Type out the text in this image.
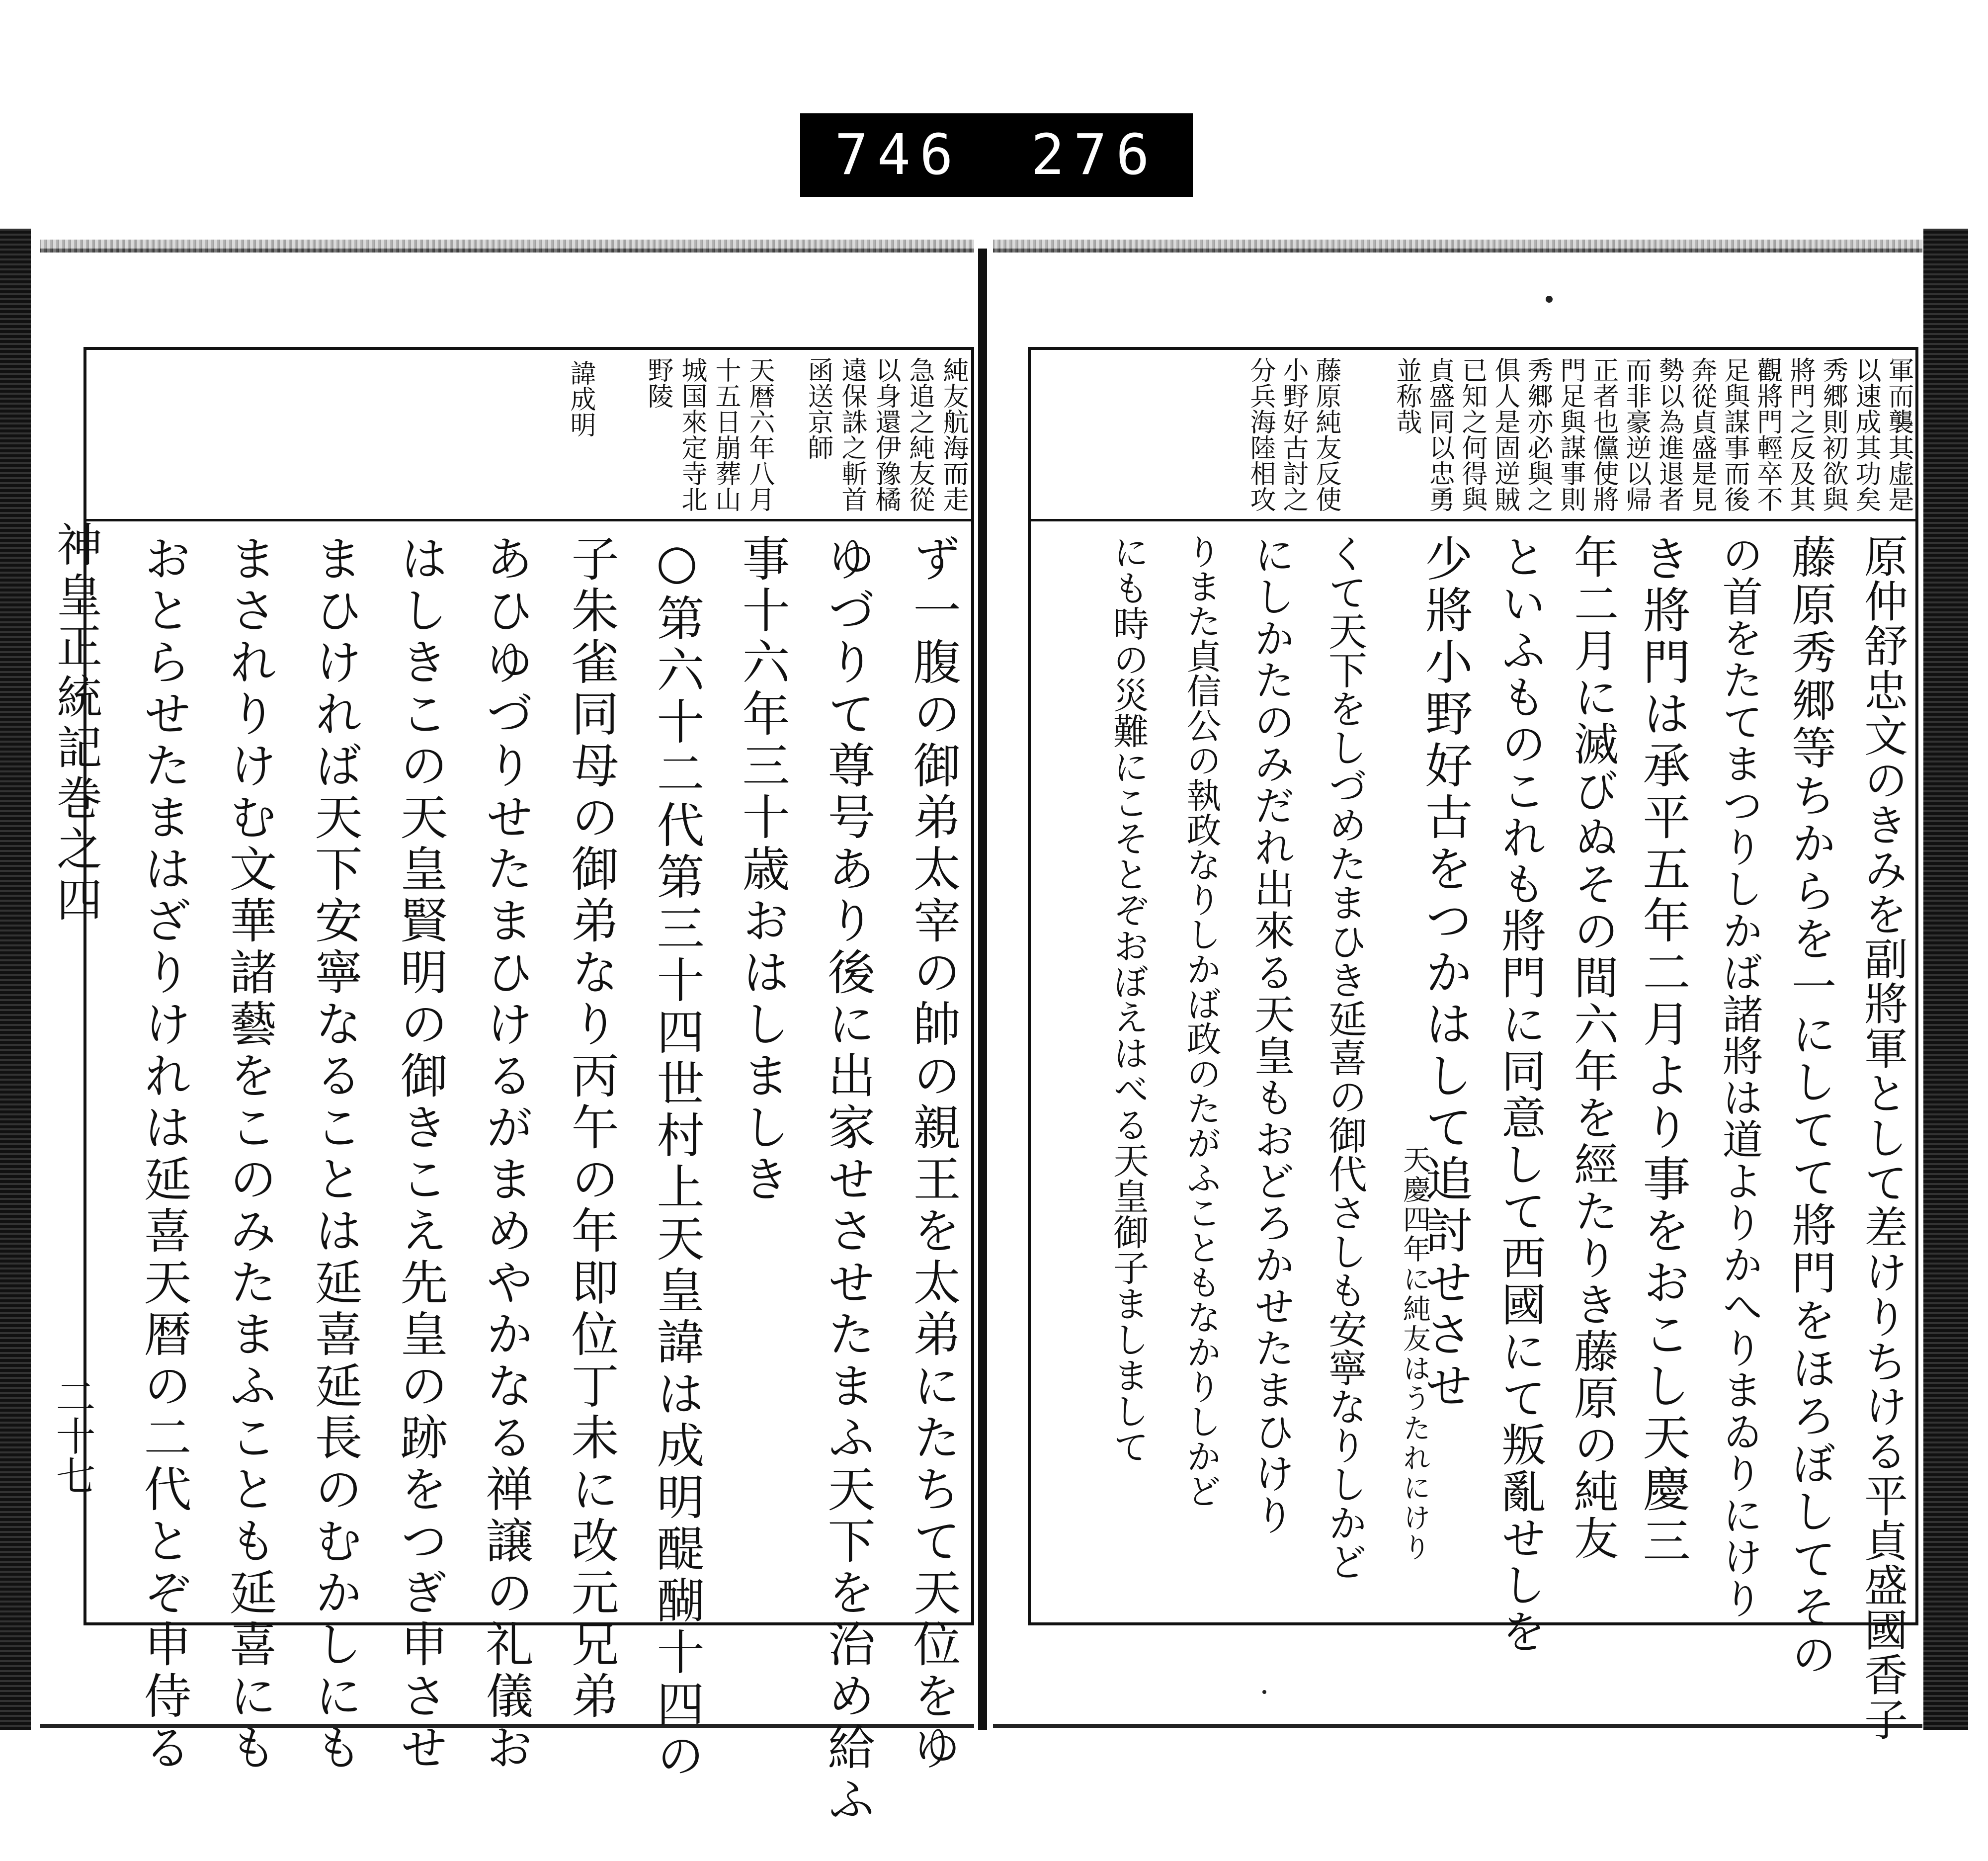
746 276
純友航海而走
急追之純友從
以身還伊豫橘
遠保誅之斬首
函送京師
天暦六年八月
十五日崩葬山
城国來定寺北
野陵
諱成明
ず一腹の御弟太宰の帥の親王を太弟にたちて天位をゆ
ゆづりて尊号あり後に出家せさせたまふ天下を治め給ふ
事十六年三十歳おはしましき
○第六十二代第三十四世村上天皇諱は成明醍醐十四の
子朱雀同母の御弟なり丙午の年即位丁未に改元兄弟
あひゆづりせたまひけるがまめやかなる禅譲の礼儀お
はしきこの天皇賢明の御きこえ先皇の跡をつぎ申させ
まひければ天下安寧なることは延喜延長のむかしにも
まされりけむ文華諸藝をこのみたまふことも延喜にも
おとらせたまはざりけれは延喜天暦の二代とぞ申侍る
神皇正統記巻之四
二十七
軍而襲其虚是
以速成其功矣
秀郷則初欲與
將門之反及其
觀將門輕卒不
足與謀事而後
奔從貞盛是見
勢以為進退者
而非豪逆以帰
正者也儻使將
門足與謀事則
秀郷亦必與之
俱人是固逆賊
已知之何得與
貞盛同以忠勇
並称哉
藤原純友反使
小野好古討之
分兵海陸相攻
原仲舒忠文のきみを副將軍として差けりちける平貞盛國香子
藤原秀郷等ちからを一にしてて將門をほろぼしてその
の首をたてまつりしかば諸將は道よりかへりまゐりにけり
き將門は承平五年二月より事をおこし天慶三
年二月に滅びぬその間六年を經たりき藤原の純友
といふものこれも將門に同意して西國にて叛亂せしを
少將小野好古をつかはして追討せさせ
天慶四年に純友はうたれにけり
くて天下をしづめたまひき延喜の御代さしも安寧なりしかど
にしかたのみだれ出來る天皇もおどろかせたまひけり
りまた貞信公の執政なりしかば政のたがふこともなかりしかど
にも時の災難にこそとぞおぼえはべる天皇御子ましまして
